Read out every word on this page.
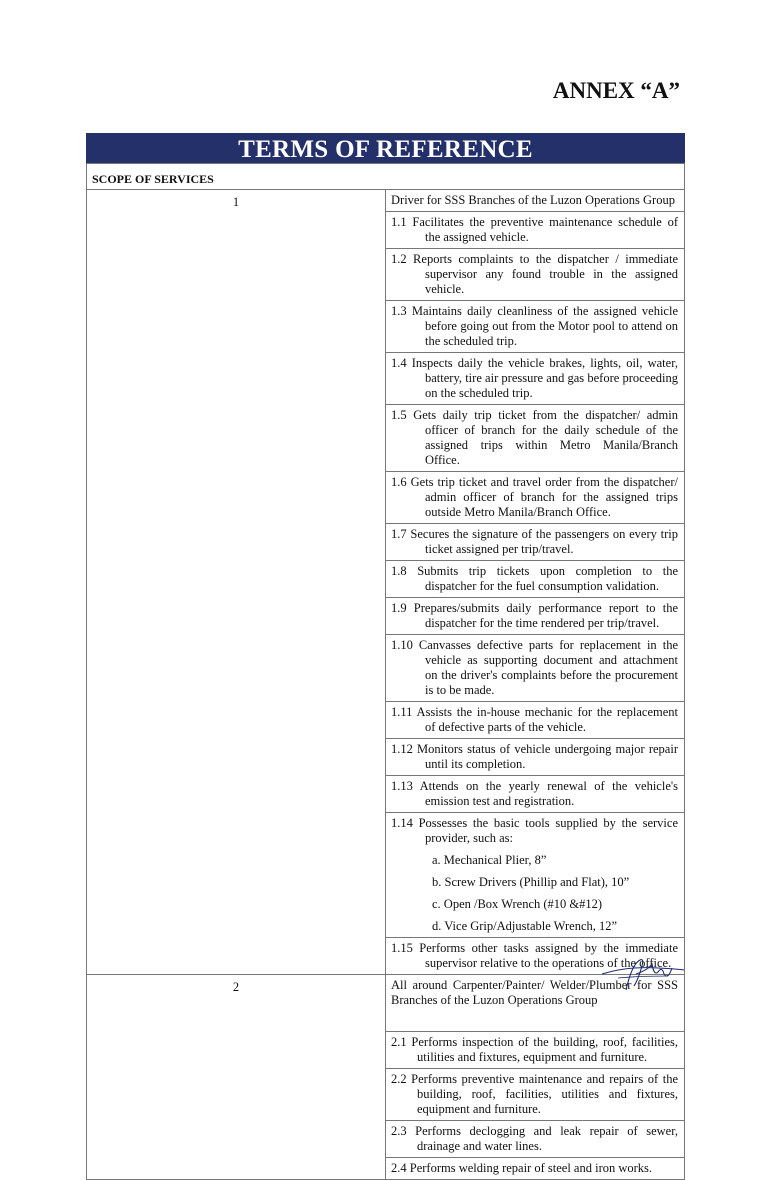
ANNEX “A”
TERMS OF REFERENCE
SCOPE OF SERVICES	
1	Driver for SSS Branches of the Luzon Operations Group

	1.1 Facilitates the preventive maintenance schedule of the assigned vehicle.

	1.2 Reports complaints to the dispatcher / immediate supervisor any found trouble in the assigned vehicle.

	1.3 Maintains daily cleanliness of the assigned vehicle before going out from the Motor pool to attend on the scheduled trip.

	1.4 Inspects daily the vehicle brakes, lights, oil, water, battery, tire air pressure and gas before proceeding on the scheduled trip.

	1.5 Gets daily trip ticket from the dispatcher/ admin officer of branch for the daily schedule of the assigned trips within Metro Manila/Branch Office.

	1.6 Gets trip ticket and travel order from the dispatcher/ admin officer of branch for the assigned trips outside Metro Manila/Branch Office.

	1.7 Secures the signature of the passengers on every trip ticket assigned per trip/travel.

	1.8 Submits trip tickets upon completion to the dispatcher for the fuel consumption validation.

	1.9 Prepares/submits daily performance report to the dispatcher for the time rendered per trip/travel.

	1.10 Canvasses defective parts for replacement in the vehicle as supporting document and attachment on the driver's complaints before the procurement is to be made.

	1.11 Assists the in-house mechanic for the replacement of defective parts of the vehicle.

	1.12 Monitors status of vehicle undergoing major repair until its completion.

	1.13 Attends on the yearly renewal of the vehicle's emission test and registration.

	1.14 Possesses the basic tools supplied by the service provider, such as:

	a. Mechanical Plier, 8”

	b. Screw Drivers (Phillip and Flat), 10”

	c. Open /Box Wrench (#10 &#12)

	d. Vice Grip/Adjustable Wrench, 12”

	1.15 Performs other tasks assigned by the immediate supervisor relative to the operations of the office.

2	All around Carpenter/Painter/ Welder/Plumber for SSS Branches of the Luzon Operations Group

	2.1 Performs inspection of the building, roof, facilities, utilities and fixtures, equipment and furniture.

	2.2 Performs preventive maintenance and repairs of the building, roof, facilities, utilities and fixtures, equipment and furniture.

	2.3 Performs declogging and leak repair of sewer, drainage and water lines.

	2.4 Performs welding repair of steel and iron works.
